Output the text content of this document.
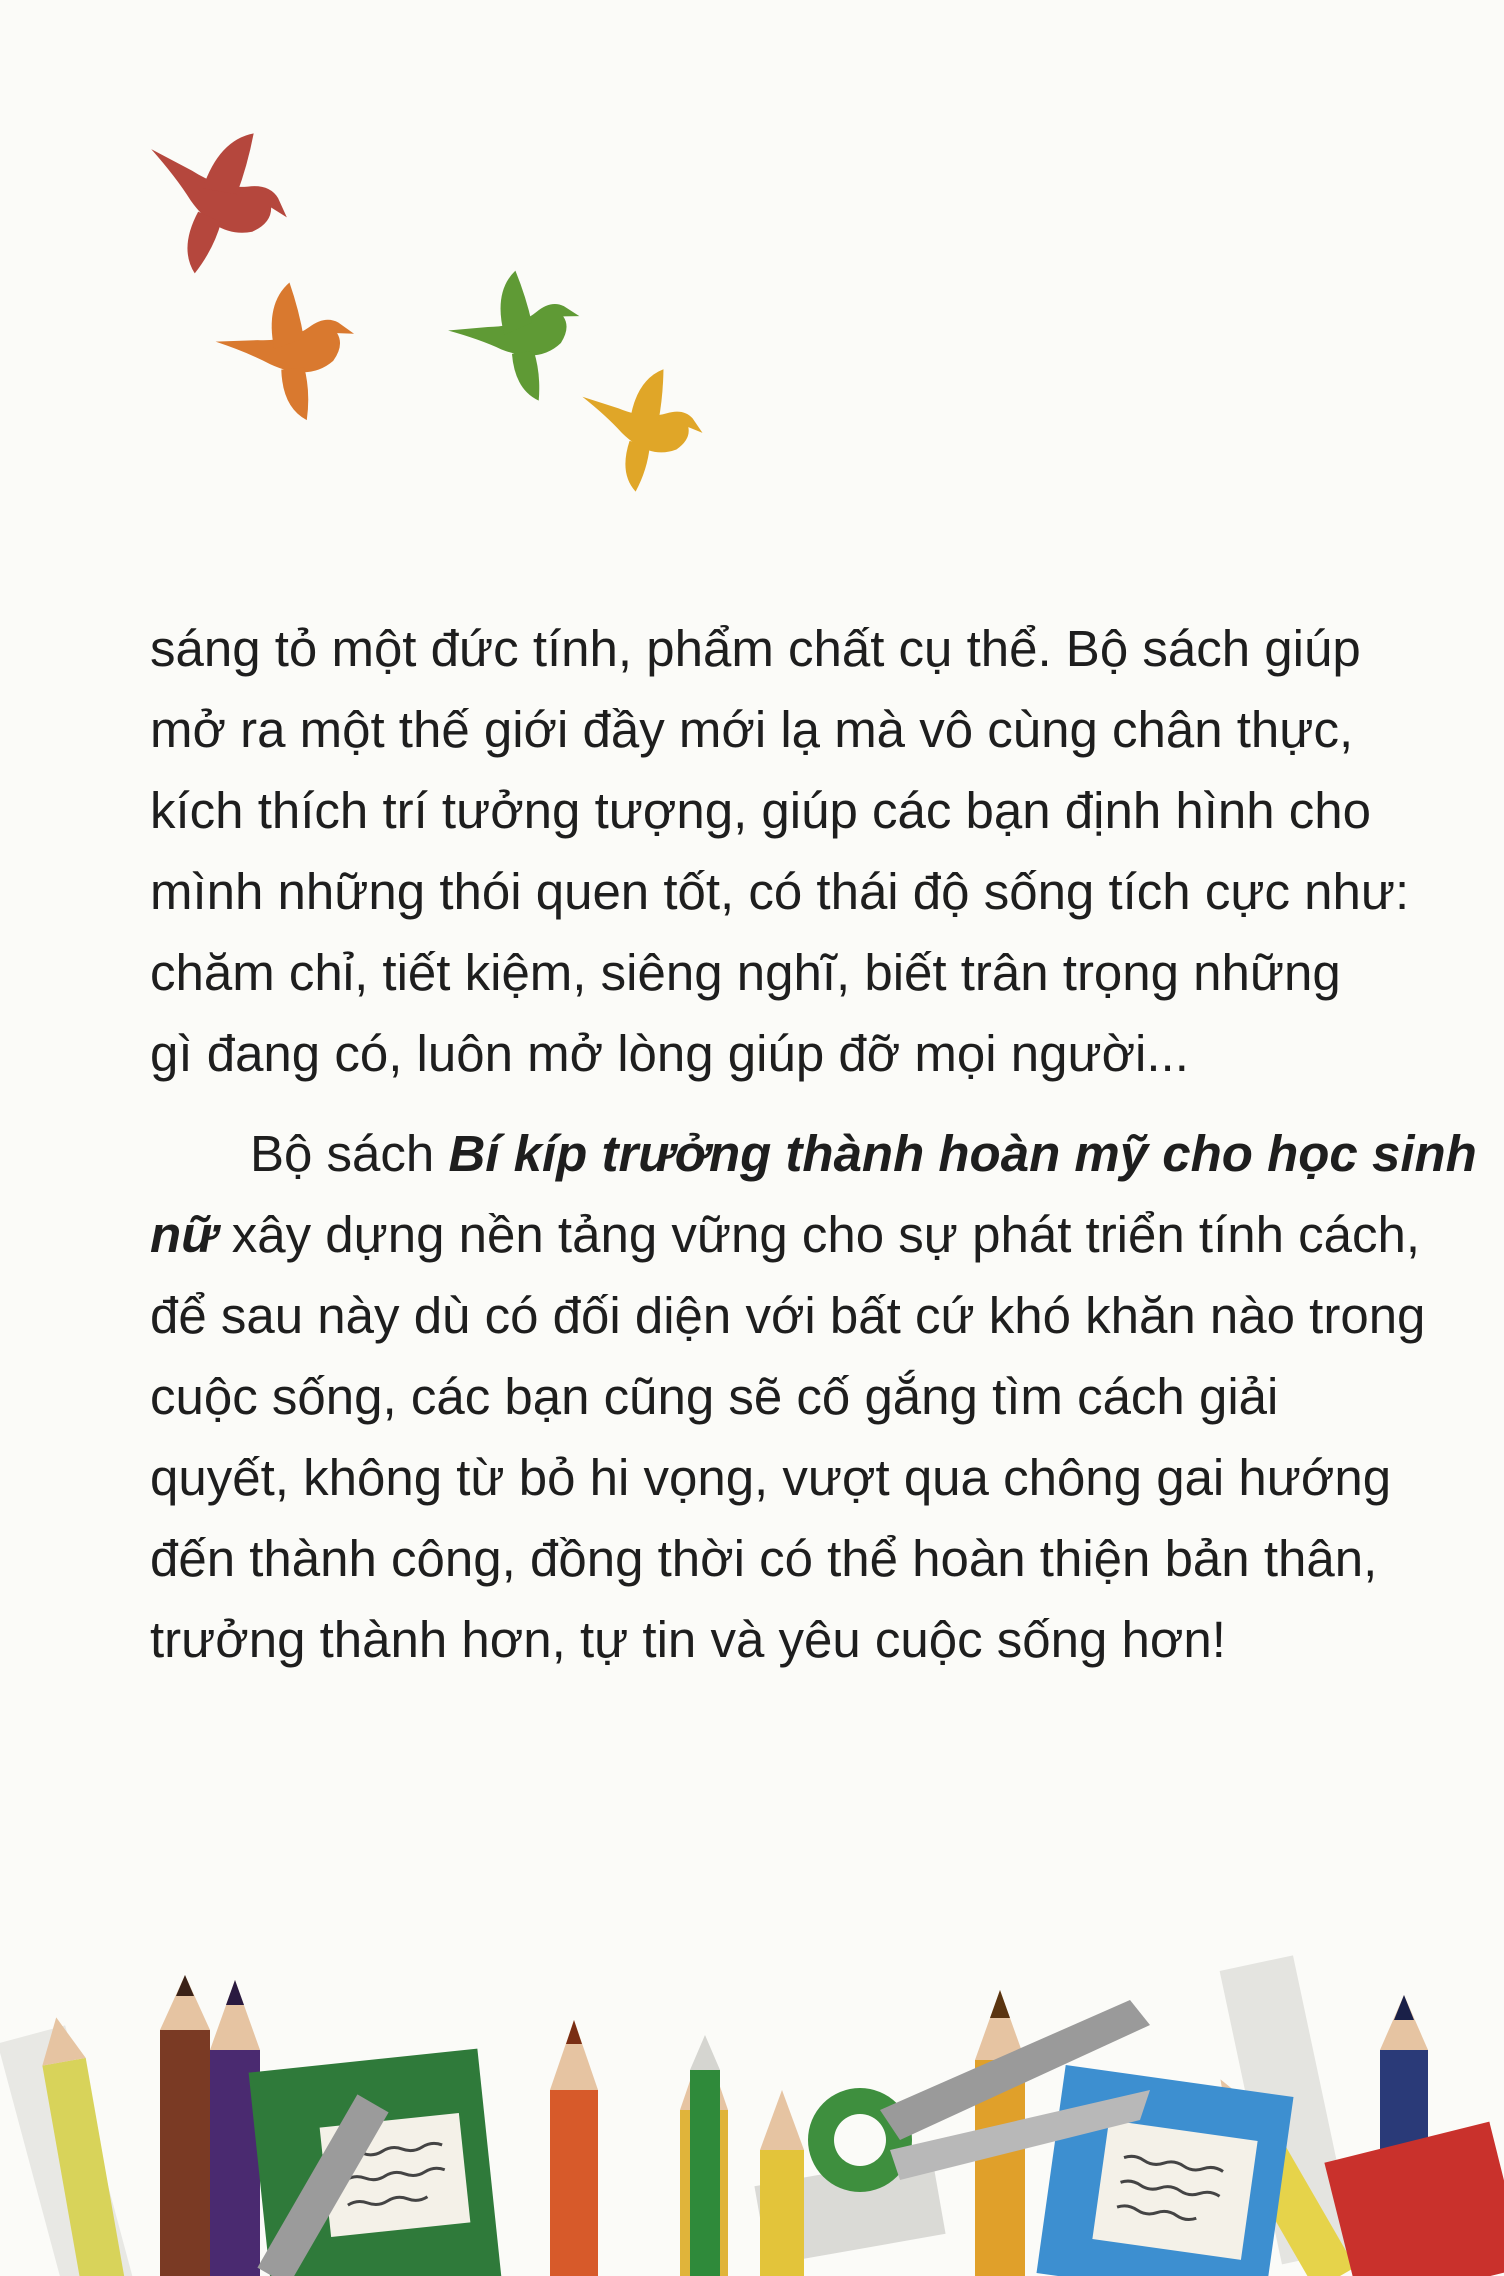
sáng tỏ một đức tính, phẩm chất cụ thể. Bộ sách giúp
mở ra một thế giới đầy mới lạ mà vô cùng chân thực,
kích thích trí tưởng tượng, giúp các bạn định hình cho
mình những thói quen tốt, có thái độ sống tích cực như:
chăm chỉ, tiết kiệm, siêng nghĩ, biết trân trọng những
gì đang có, luôn mở lòng giúp đỡ mọi người...
Bộ sách Bí kíp trưởng thành hoàn mỹ cho học sinh
nữ xây dựng nền tảng vững cho sự phát triển tính cách,
để sau này dù có đối diện với bất cứ khó khăn nào trong
cuộc sống, các bạn cũng sẽ cố gắng tìm cách giải
quyết, không từ bỏ hi vọng, vượt qua chông gai hướng
đến thành công, đồng thời có thể hoàn thiện bản thân,
trưởng thành hơn, tự tin và yêu cuộc sống hơn!
